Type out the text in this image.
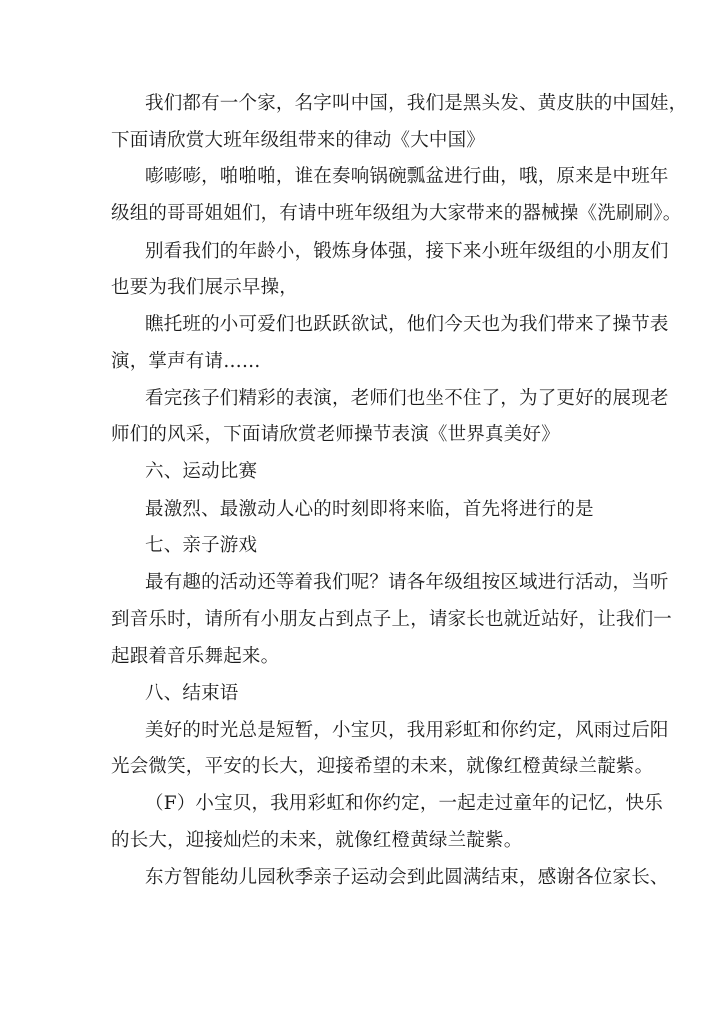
我们都有一个家，名字叫中国，我们是黑头发、黄皮肤的中国娃，
下面请欣赏大班年级组带来的律动《大中国》
嘭嘭嘭，啪啪啪，谁在奏响锅碗瓢盆进行曲，哦，原来是中班年
级组的哥哥姐姐们，有请中班年级组为大家带来的器械操《洗刷刷》。
别看我们的年龄小，锻炼身体强，接下来小班年级组的小朋友们
也要为我们展示早操，
瞧托班的小可爱们也跃跃欲试，他们今天也为我们带来了操节表
演，掌声有请……
看完孩子们精彩的表演，老师们也坐不住了，为了更好的展现老
师们的风采，下面请欣赏老师操节表演《世界真美好》
六、运动比赛
最激烈、最激动人心的时刻即将来临，首先将进行的是
七、亲子游戏
最有趣的活动还等着我们呢？请各年级组按区域进行活动，当听
到音乐时，请所有小朋友占到点子上，请家长也就近站好，让我们一
起跟着音乐舞起来。
八、结束语
美好的时光总是短暂，小宝贝，我用彩虹和你约定，风雨过后阳
光会微笑，平安的长大，迎接希望的未来，就像红橙黄绿兰靛紫。
（F）小宝贝，我用彩虹和你约定，一起走过童年的记忆，快乐
的长大，迎接灿烂的未来，就像红橙黄绿兰靛紫。
东方智能幼儿园秋季亲子运动会到此圆满结束，感谢各位家长、
